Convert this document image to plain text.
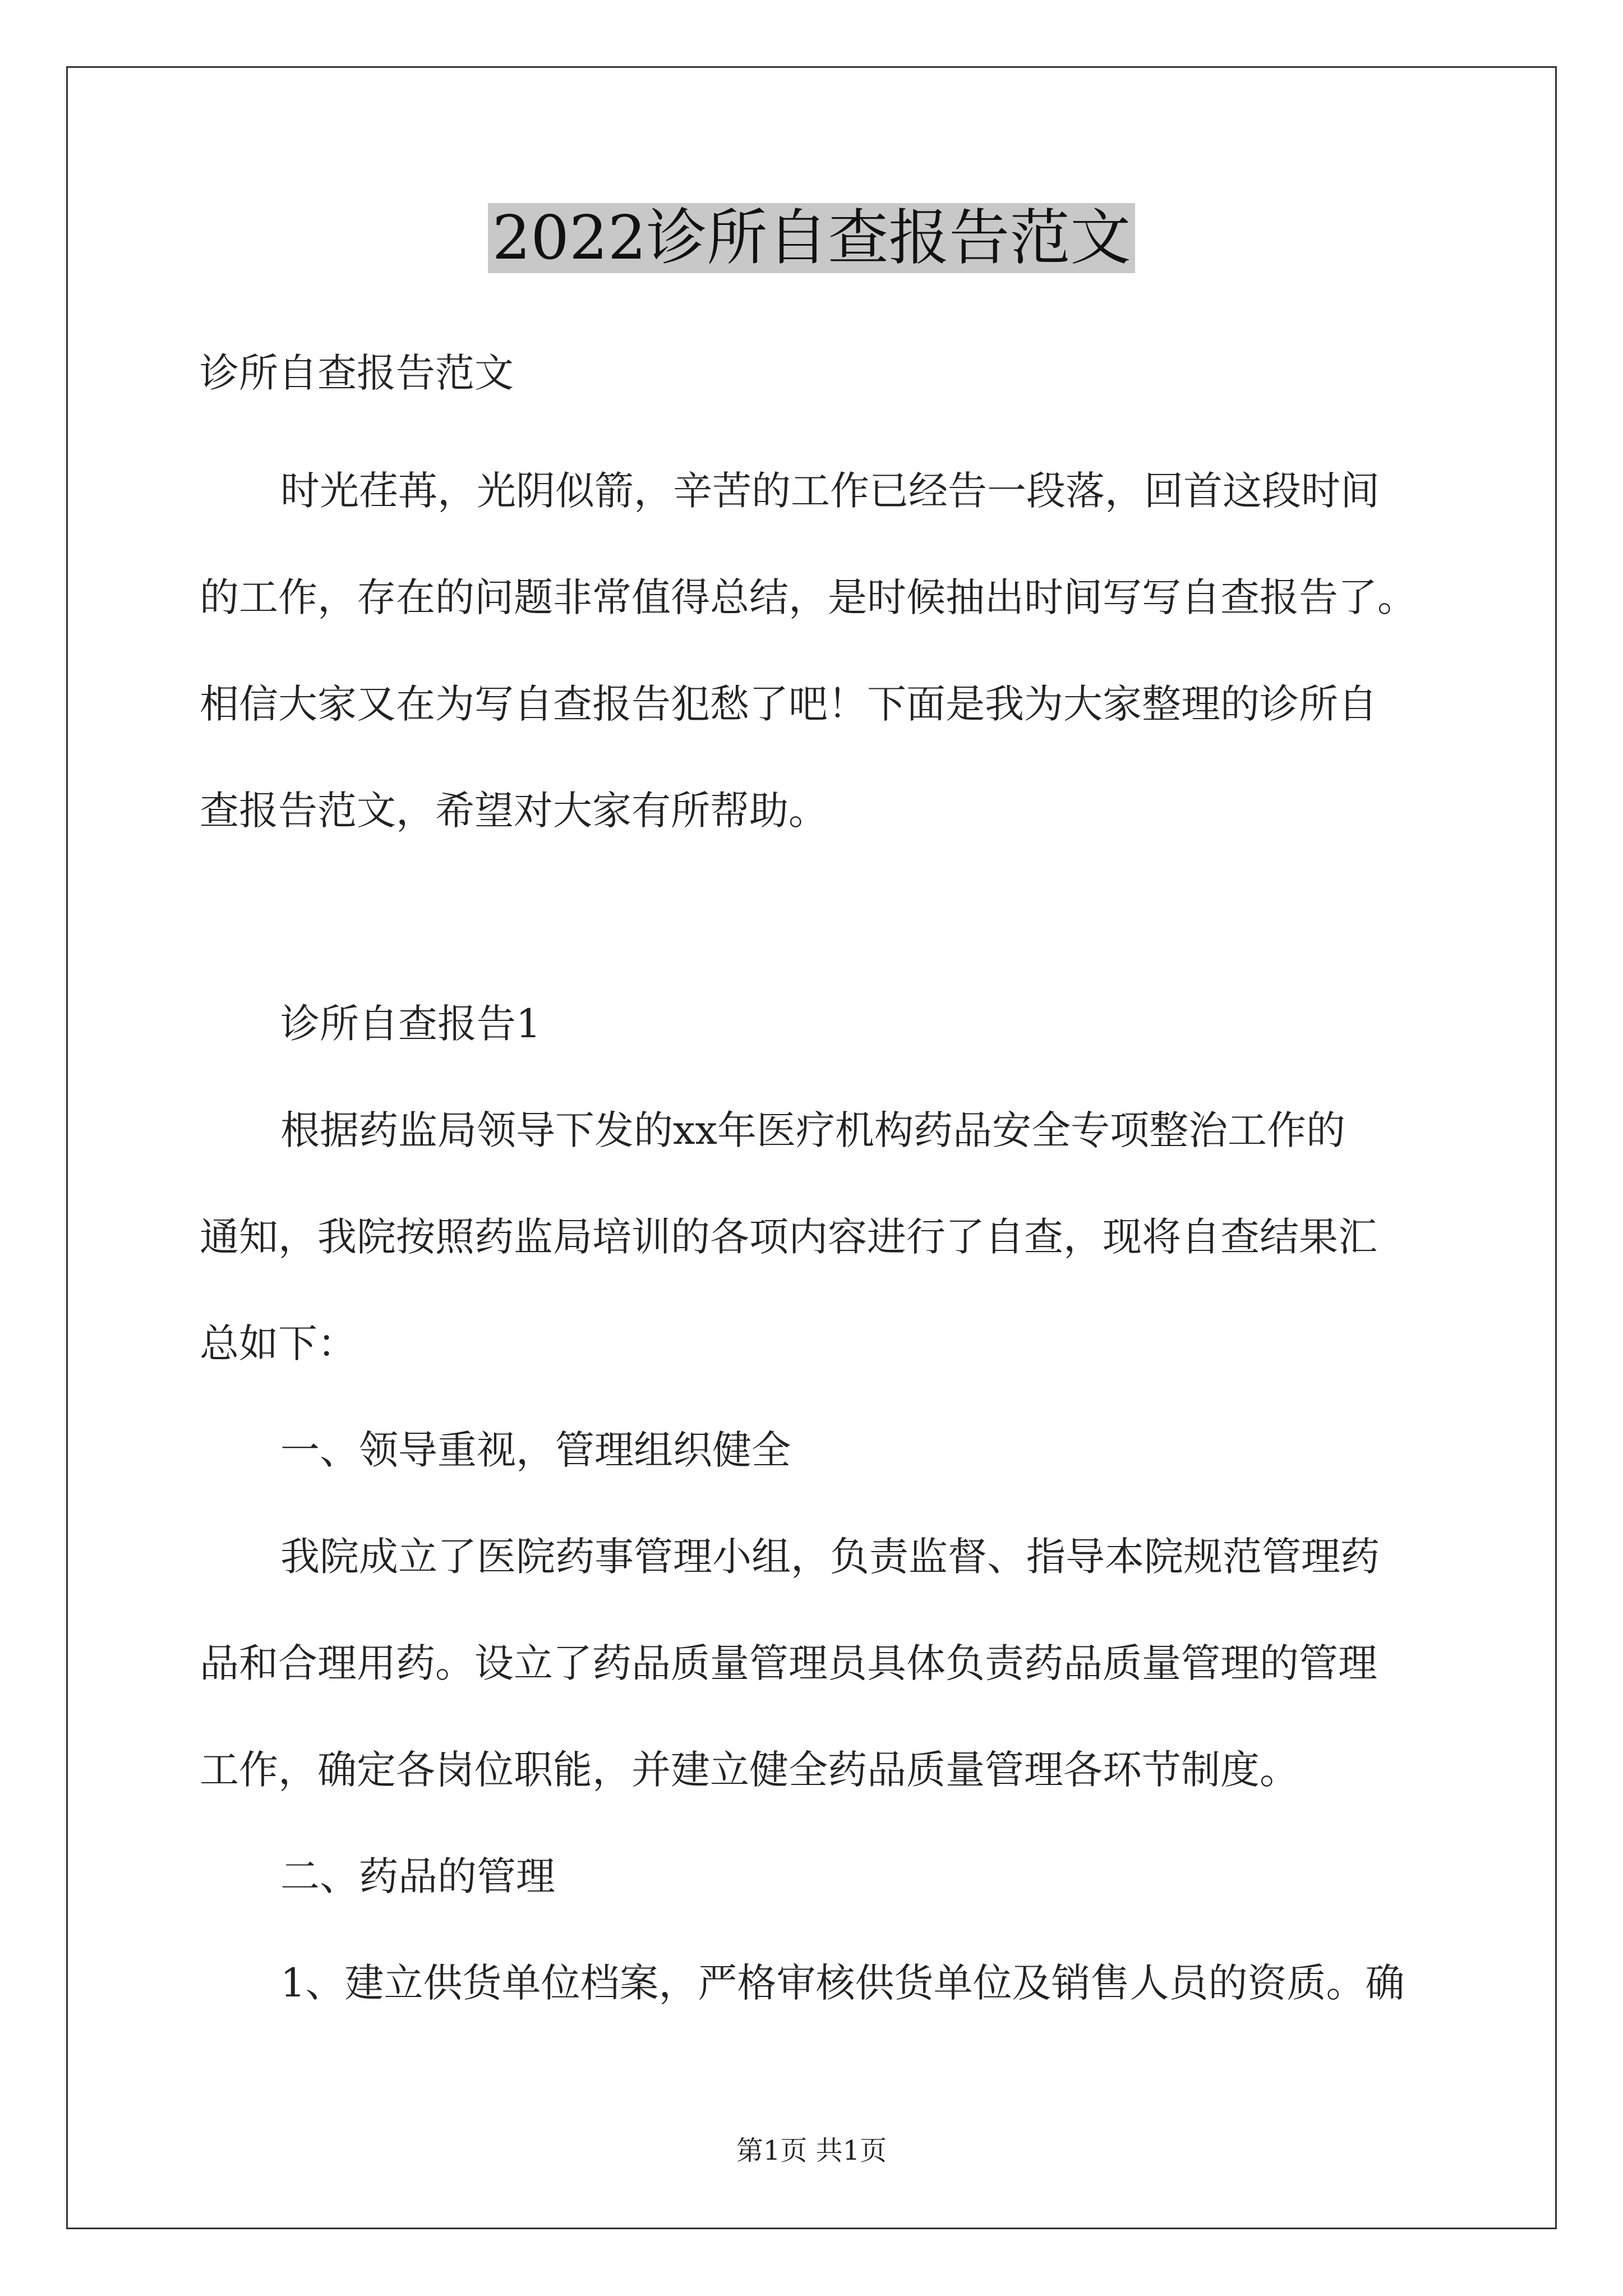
2022诊所自查报告范文

诊所自查报告范文

时光荏苒，光阴似箭，辛苦的工作已经告一段落，回首这段时间

的工作，存在的问题非常值得总结，是时候抽出时间写写自查报告了。

相信大家又在为写自查报告犯愁了吧！下面是我为大家整理的诊所自

查报告范文，希望对大家有所帮助。

诊所自查报告1

根据药监局领导下发的xx年医疗机构药品安全专项整治工作的

通知，我院按照药监局培训的各项内容进行了自查，现将自查结果汇

总如下：

一、领导重视，管理组织健全

我院成立了医院药事管理小组，负责监督、指导本院规范管理药

品和合理用药。设立了药品质量管理员具体负责药品质量管理的管理

工作，确定各岗位职能，并建立健全药品质量管理各环节制度。

二、药品的管理

1、建立供货单位档案，严格审核供货单位及销售人员的资质。确

第1页 共1页
